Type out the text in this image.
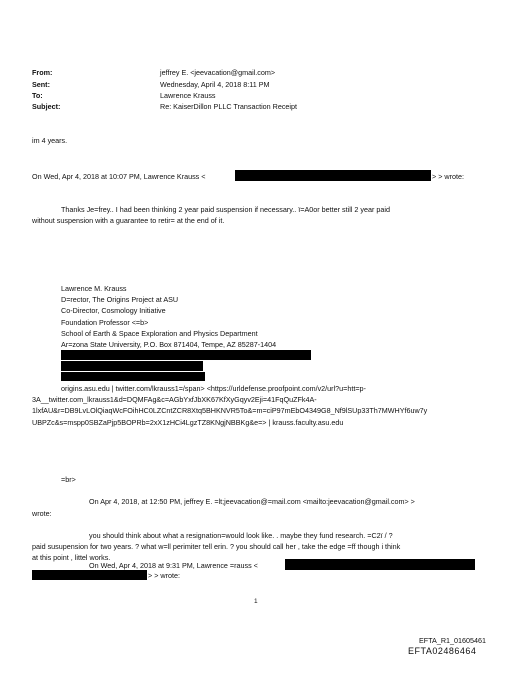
From:	jeffrey E. <jeevacation@gmail.com>
Sent:	Wednesday, April 4, 2018 8:11 PM
To:	Lawrence Krauss
Subject:	Re: KaiserDillon PLLC Transaction Receipt
im 4 years.
On Wed, Apr 4, 2018 at 10:07 PM, Lawrence Krauss <	> > wrote:
Thanks Je=frey.. I had been thinking 2 year paid suspension if necessary.. ï=A0or better still 2 year paid
without suspension with a guarantee to retir= at the end of it.
Lawrence M. Krauss
D=rector, The Origins Project at ASU
Co-Director, Cosmology Initiative
Foundation Professor <=b>
School of Earth & Space Exploration and Physics Department
Ar=zona State University, P.O. Box 871404, Tempe, AZ 85287-1404
origins.asu.edu | twitter.com/lkrauss1=/span> <https://urldefense.proofpoint.com/v2/url?u=htt=p-
3A__twitter.com_lkrauss1&d=DQMFAg&c=AGbYxfJbXK67KfXyGqyv2Eji=41FqQuZFk4A-
1lxfAU&r=DB9LvLOlQiaqWcFOihHC0LZCntZCR8Xtq5BHKNVR5To&=m=ciP97mEbO4349G8_Nf9lSUp33Th7MWHYf6uw7y
UBPZc&s=mspp0SBZaPjp5BOPRb=2xX1zHCi4LgzTZ8KNgjNBBKg&e=> | krauss.faculty.asu.edu
=br>
On Apr 4, 2018, at 12:50 PM, jeffrey E. =lt;jeevacation@=mail.com <mailto:jeevacation@gmail.com> >
wrote:
you should think about what a resignation=would look like. . maybe they fund research. =C2ï / ?
paid susupension for two years. ? what w=ll perimiter tell erin. ? you should call her , take the edge =ff though i think
at this point , littel works.
On Wed, Apr 4, 2018 at 9:31 PM, Lawrence =rauss <
> > wrote:
1
EFTA_R1_01605461
EFTA02486464
